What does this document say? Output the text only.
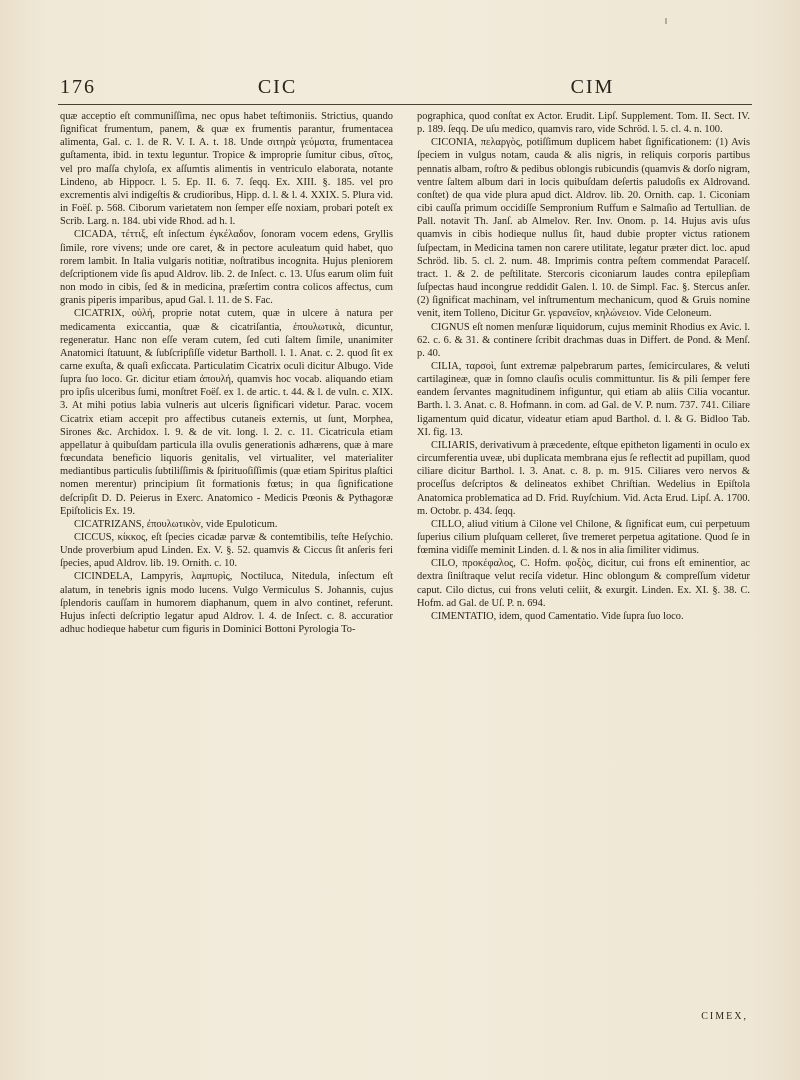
176	CIC	CIM

quæ acceptio eſt communiſſima, nec opus habet teſtimoniis. Strictius, quando ſignificat frumentum, panem, & quæ ex frumentis parantur, frumentacea alimenta, Gal. c. 1. de R. V. I. A. t. 18. Unde σιτηρὰ γεύματα, frumentacea guſtamenta, ibid. in textu leguntur. Tropice & improprie ſumitur cibus, σῖτος, vel pro maſſa chyloſa, ex aſſumtis alimentis in ventriculo elaborata, notante Lindeno, ab Hippocr. l. 5. Ep. II. 6. 7. ſeqq. Ex. XIII. §. 185. vel pro excrementis alvi indigeſtis & crudioribus, Hipp. d. l. & l. 4. XXIX. 5. Plura vid. in Foëſ. p. 568. Ciborum varietatem non ſemper eſſe noxiam, probari poteſt ex Scrib. Larg. n. 184. ubi vide Rhod. ad h. l.

CICADA, τέττιξ, eſt inſectum ἐγκέλαδον, ſonoram vocem edens, Gryllis ſimile, rore vivens; unde ore caret, & in pectore aculeatum quid habet, quo rorem lambit. In Italia vulgaris notitiæ, noſtratibus incognita. Hujus pleniorem deſcriptionem vide ſis apud Aldrov. lib. 2. de Inſect. c. 13. Uſus earum olim fuit non modo in cibis, ſed & in medicina, præſertim contra colicos affectus, cum granis piperis imparibus, apud Gal. l. 11. de S. Fac.

CICATRIX, οὐλή, proprie notat cutem, quæ in ulcere à natura per medicamenta exiccantia, quæ & cicatriſantia, ἐπουλωτικὰ, dicuntur, regeneratur. Hanc non eſſe veram cutem, ſed cuti ſaltem ſimile, unanimiter Anatomici ſtatuunt, & ſubſcripſiſſe videtur Bartholl. l. 1. Anat. c. 2. quod ſit ex carne exuſta, & quaſi exſiccata. Particulatim Cicatrix oculi dicitur Albugo. Vide ſupra ſuo loco. Gr. dicitur etiam ἀπουλή, quamvis hoc vocab. aliquando etiam pro ipſis ulceribus ſumi, monſtret Foëſ. ex 1. de artic. t. 44. & l. de vuln. c. XIX. 3. At mihi potius labia vulneris aut ulceris ſignificari videtur. Parac. vocem Cicatrix etiam accepit pro affectibus cutaneis externis, ut ſunt, Morphea, Sirones &c. Archidox. l. 9. & de vit. long. l. 2. c. 11. Cicatricula etiam appellatur à quibuſdam particula illa ovulis generationis adhærens, quæ à mare fœcundata beneficio liquoris genitalis, vel virtualiter, vel materialiter mediantibus particulis ſubtiliſſimis & ſpirituoſiſſimis (quæ etiam Spiritus plaſtici nomen merentur) principium ſit formationis fœtus; in qua ſignificatione deſcripſit D. D. Peierus in Exerc. Anatomico - Medicis Pœonis & Pythagoræ Epiſtolicis Ex. 19.

CICATRIZANS, ἐπουλωτικὸν, vide Epuloticum.

CICCUS, κίκκος, eſt ſpecies cicadæ parvæ & contemtibilis, teſte Heſychio. Unde proverbium apud Linden. Ex. V. §. 52. quamvis & Ciccus ſit anſeris feri ſpecies, apud Aldrov. lib. 19. Ornith. c. 10.

CICINDELA, Lampyris, λαμπυρὶς, Noctiluca, Nitedula, inſectum eſt alatum, in tenebris ignis modo lucens. Vulgo Vermiculus S. Johannis, cujus ſplendoris cauſſam in humorem diaphanum, quem in alvo continet, referunt. Hujus inſecti deſcriptio legatur apud Aldrov. l. 4. de Inſect. c. 8. accuratior adhuc hodieque habetur cum figuris in Dominici Bottoni Pyrologia To-

pographica, quod conſtat ex Actor. Erudit. Lipſ. Supplement. Tom. II. Sect. IV. p. 189. ſeqq. De uſu medico, quamvis raro, vide Schröd. l. 5. cl. 4. n. 100.

CICONIA, πελαργὸς, potiſſimum duplicem habet ſignificationem: (1) Avis ſpeciem in vulgus notam, cauda & alis nigris, in reliquis corporis partibus pennatis albam, roſtro & pedibus oblongis rubicundis (quamvis & dorſo nigram, ventre ſaltem album dari in locis quibuſdam deſertis paludoſis ex Aldrovand. conſtet) de qua vide plura apud dict. Aldrov. lib. 20. Ornith. cap. 1. Ciconiam cibi cauſſa primum occidiſſe Sempronium Ruffum e Salmaſio ad Tertullian. de Pall. notavit Th. Janſ. ab Almelov. Rer. Inv. Onom. p. 14. Hujus avis uſus quamvis in cibis hodieque nullus ſit, haud dubie propter victus rationem ſuſpectam, in Medicina tamen non carere utilitate, legatur præter dict. loc. apud Schröd. lib. 5. cl. 2. num. 48. Imprimis contra peſtem commendat Paracelſ. tract. 1. & 2. de peſtilitate. Stercoris ciconiarum laudes contra epilepſiam ſuſpectas haud incongrue reddidit Galen. l. 10. de Simpl. Fac. §. Stercus anſer. (2) ſignificat machinam, vel inſtrumentum mechanicum, quod & Gruis nomine venit, item Tolleno, Dicitur Gr. γερανεῖον, κηλώνειον. Vide Celoneum.

CIGNUS eſt nomen menſuræ liquidorum, cujus meminit Rhodius ex Avic. l. 62. c. 6. & 31. & continere ſcribit drachmas duas in Differt. de Pond. & Menſ. p. 40.

CILIA, ταρσοὶ, ſunt extremæ palpebrarum partes, ſemicirculares, & veluti cartilagineæ, quæ in ſomno clauſis oculis committuntur. Iis & pili ſemper fere eandem ſervantes magnitudinem infiguntur, qui etiam ab aliis Cilia vocantur. Barth. l. 3. Anat. c. 8. Hofmann. in com. ad Gal. de V. P. num. 737. 741. Ciliare ligamentum quid dicatur, videatur etiam apud Barthol. d. l. & G. Bidloo Tab. XI. fig. 13.

CILIARIS, derivativum à præcedente, eſtque epitheton ligamenti in oculo ex circumferentia uveæ, ubi duplicata membrana ejus ſe reflectit ad pupillam, quod ciliare dicitur Barthol. l. 3. Anat. c. 8. p. m. 915. Ciliares vero nervos & proceſſus deſcriptos & delineatos exhibet Chriſtian. Wedelius in Epiſtola Anatomica problematica ad D. Frid. Ruyſchium. Vid. Acta Erud. Lipſ. A. 1700. m. Octobr. p. 434. ſeqq.

CILLO, aliud vitium à Cilone vel Chilone, & ſignificat eum, cui perpetuum ſuperius cilium pluſquam celleret, ſive tremeret perpetua agitatione. Quod ſe in fœmina vidiſſe meminit Linden. d. l. & nos in alia ſimiliter vidimus.

CILO, προκέφαλος, C. Hofm. φοξὸς, dicitur, cui frons eſt eminentior, ac dextra ſiniſtraque velut reciſa videtur. Hinc oblongum & compreſſum videtur caput. Cilo dictus, cui frons veluti celiit, & exurgit. Linden. Ex. XI. §. 38. C. Hofm. ad Gal. de Uſ. P. n. 694.

CIMENTATIO, idem, quod Camentatio. Vide ſupra ſuo loco.

CIMEX,
